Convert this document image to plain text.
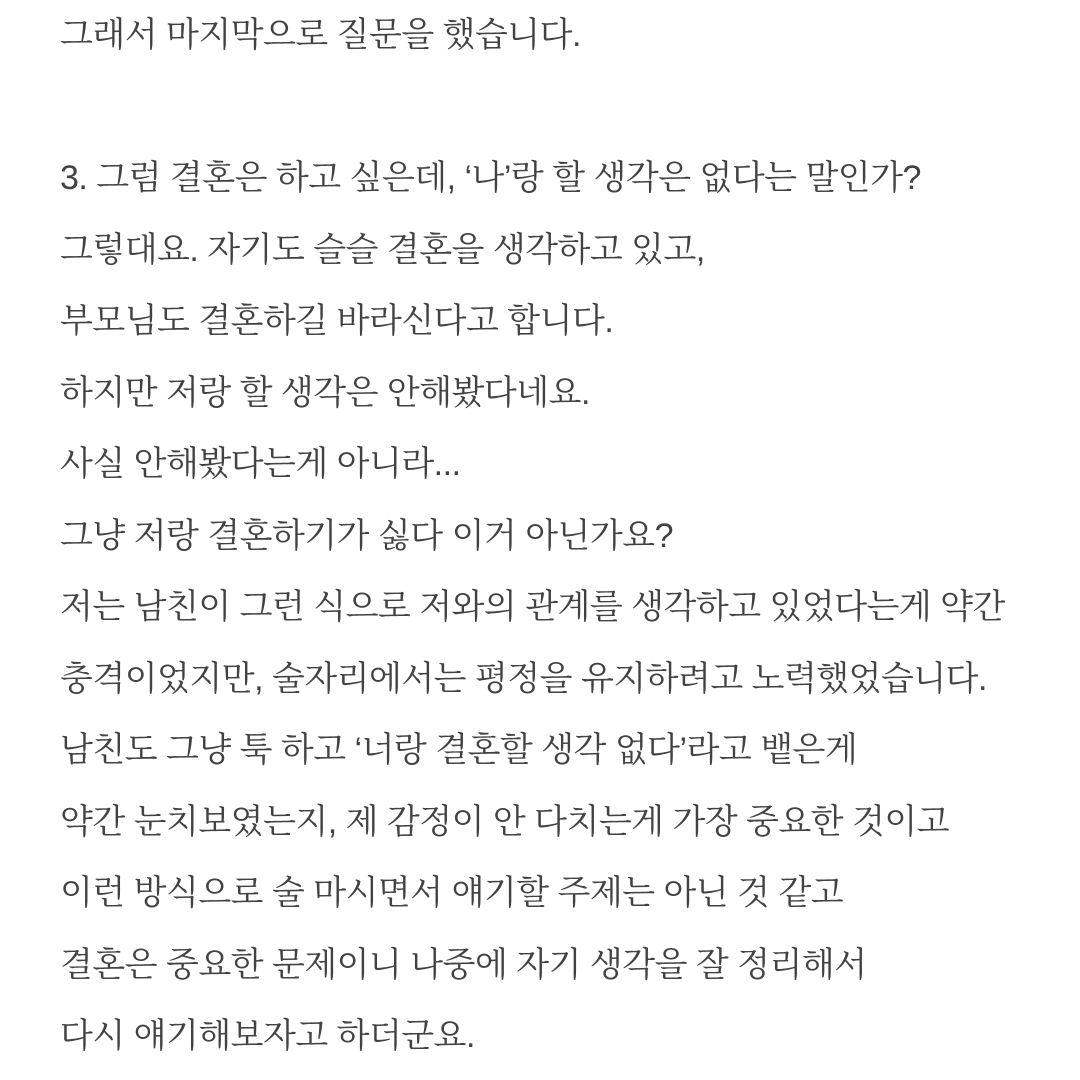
그래서 마지막으로 질문을 했습니다.
3. 그럼 결혼은 하고 싶은데, ‘나’랑 할 생각은 없다는 말인가?
그렇대요. 자기도 슬슬 결혼을 생각하고 있고,
부모님도 결혼하길 바라신다고 합니다.
하지만 저랑 할 생각은 안해봤다네요.
사실 안해봤다는게 아니라...
그냥 저랑 결혼하기가 싫다 이거 아닌가요?
저는 남친이 그런 식으로 저와의 관계를 생각하고 있었다는게 약간
충격이었지만, 술자리에서는 평정을 유지하려고 노력했었습니다.
남친도 그냥 툭 하고 ‘너랑 결혼할 생각 없다’라고 뱉은게
약간 눈치보였는지, 제 감정이 안 다치는게 가장 중요한 것이고
이런 방식으로 술 마시면서 얘기할 주제는 아닌 것 같고
결혼은 중요한 문제이니 나중에 자기 생각을 잘 정리해서
다시 얘기해보자고 하더군요.
